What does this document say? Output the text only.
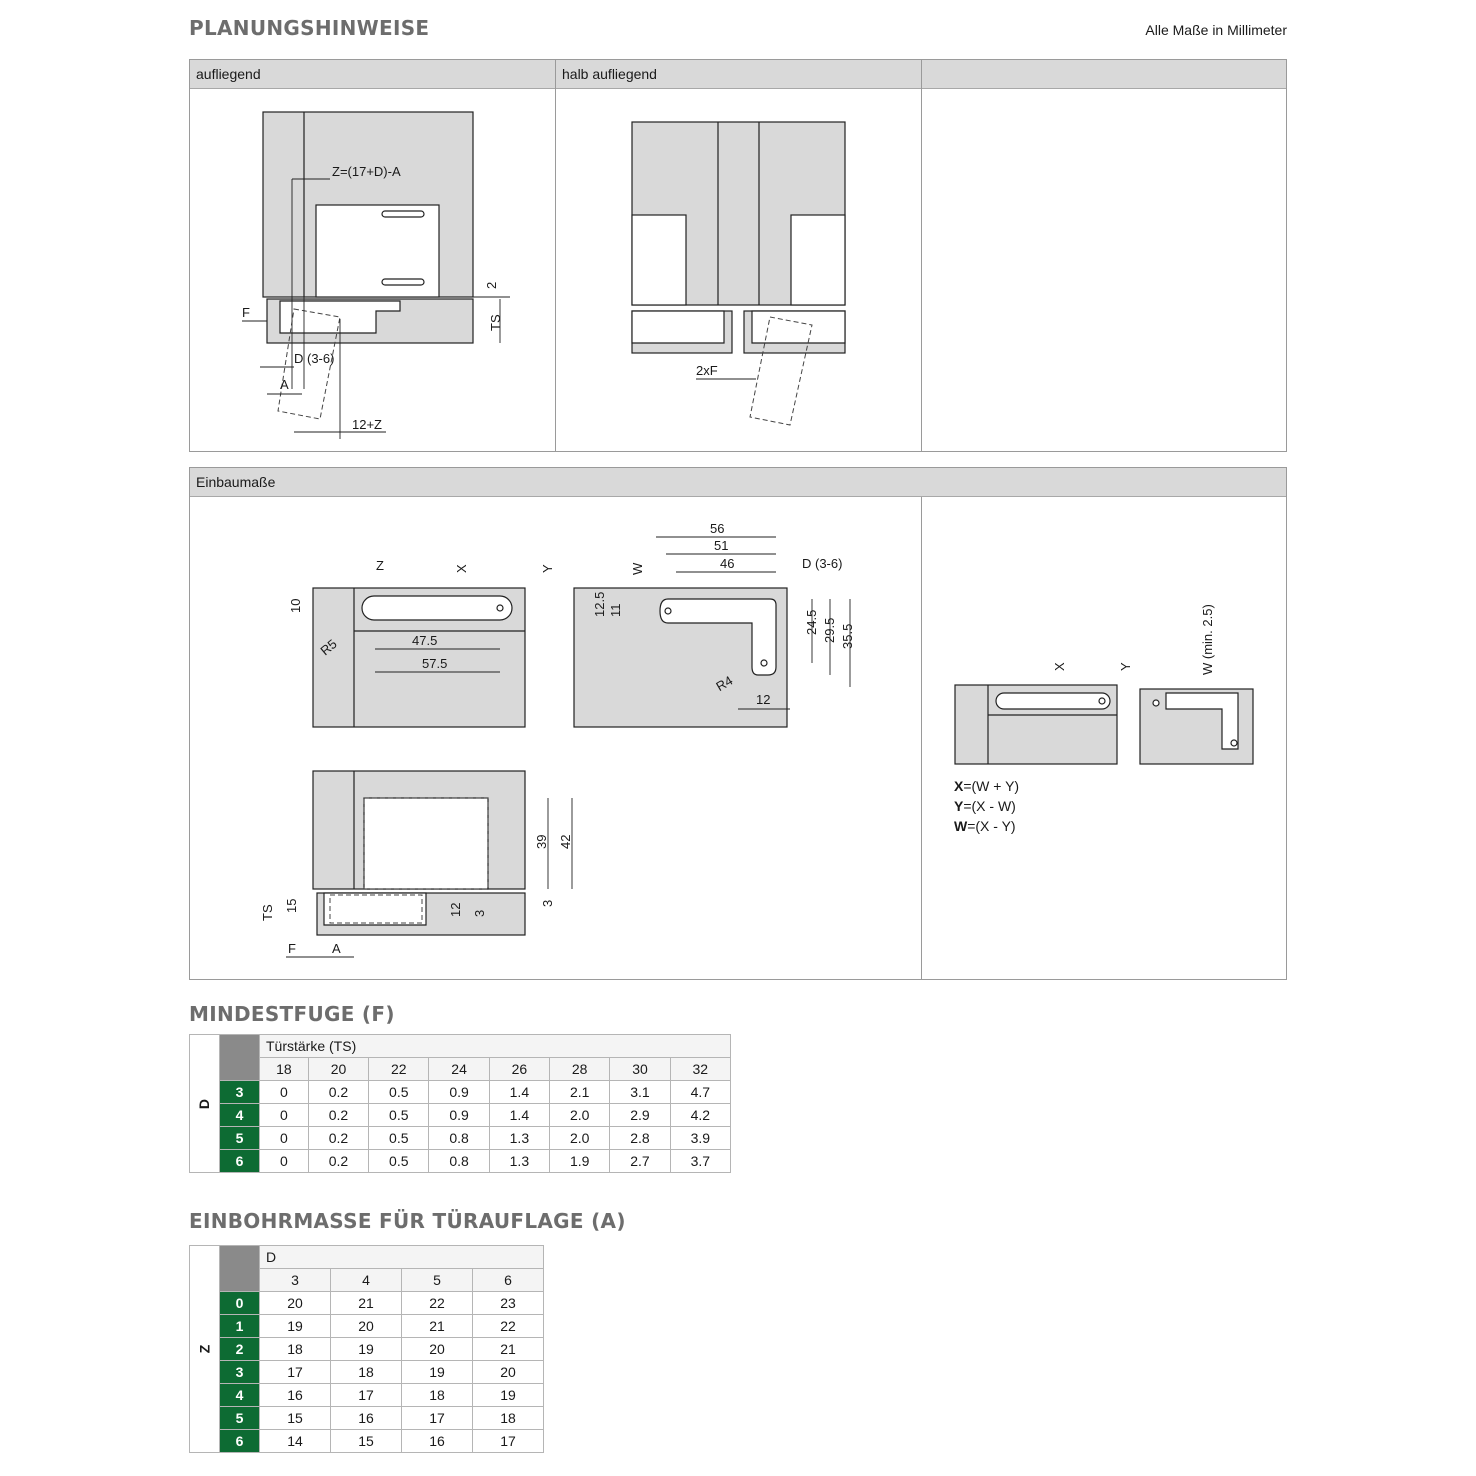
PLANUNGSHINWEISE	Alle Maße in Millimeter
aufliegend	halb aufliegend
Z=(17+D)-A
2
F
TS
D (3-6)
A
12+Z
2xF
Einbaumaße
Z	X	Y
10
R5	47.5
57.5
W
56
51
46	D (3-6)
12.5 11	24.5 29.5 35.5
R4
12
39 42
TS 15	12 3
3
F	A
X	Y	W (min. 2.5)
X=(W + Y)
Y=(X - W)
W=(X - Y)
MINDESTFUGE (F)
D		Türstärke (TS)							
		18	20	22	24	26	28	30	32
	3	0	0.2	0.5	0.9	1.4	2.1	3.1	4.7
	4	0	0.2	0.5	0.9	1.4	2.0	2.9	4.2
	5	0	0.2	0.5	0.8	1.3	2.0	2.8	3.9
	6	0	0.2	0.5	0.8	1.3	1.9	2.7	3.7
EINBOHRMASSE FÜR TÜRAUFLAGE (A)
Z		D			
		3	4	5	6
	0	20	21	22	23
	1	19	20	21	22
	2	18	19	20	21
	3	17	18	19	20
	4	16	17	18	19
	5	15	16	17	18
	6	14	15	16	17
